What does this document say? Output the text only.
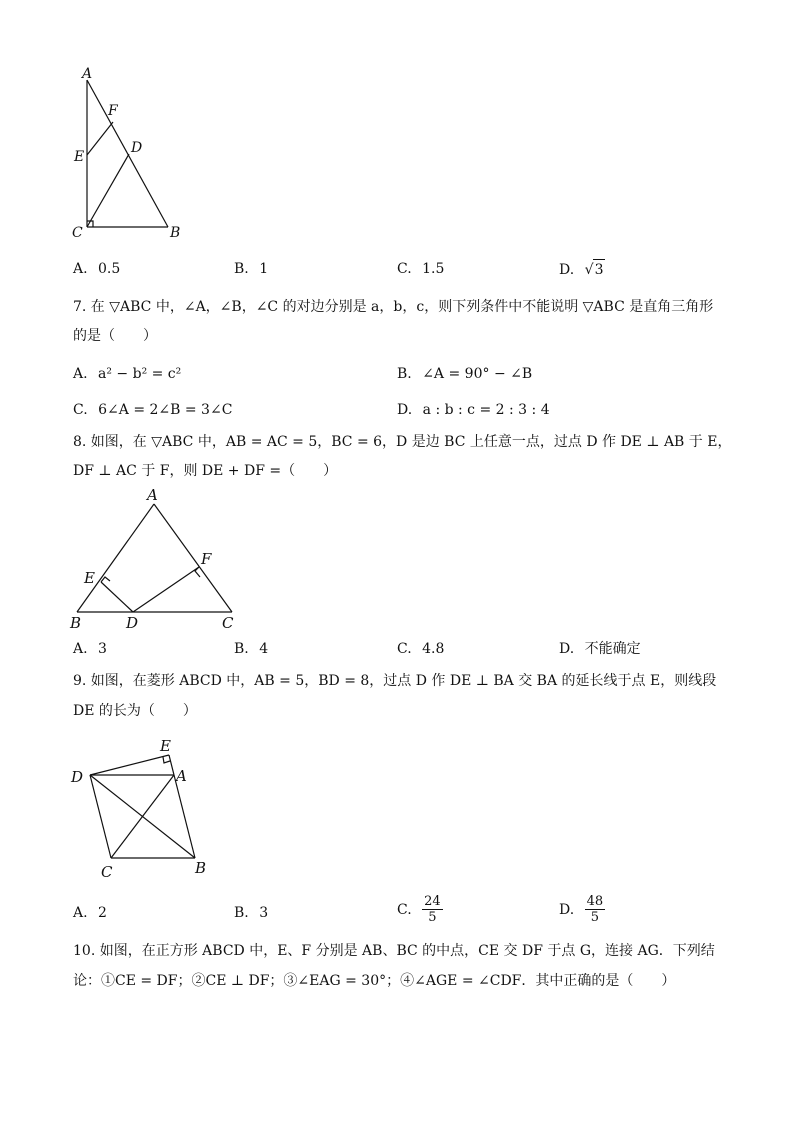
A
F
E
D
C	B
A. 0.5	B. 1	C. 1.5	D. √3
7. 在 ▽ABC 中，∠A，∠B，∠C 的对边分别是 a，b，c，则下列条件中不能说明 ▽ABC 是直角三角形
的是（　　）
A. a² − b² = c²	B. ∠A = 90° − ∠B
C. 6∠A = 2∠B = 3∠C	D. a : b : c = 2 : 3 : 4
8. 如图，在 ▽ABC 中，AB = AC = 5，BC = 6，D 是边 BC 上任意一点，过点 D 作 DE ⊥ AB 于 E，
DF ⊥ AC 于 F，则 DE + DF =（　　）
A
E
F
B	D	C
A. 3	B. 4	C. 4.8	D. 不能确定
9. 如图，在菱形 ABCD 中，AB = 5，BD = 8，过点 D 作 DE ⊥ BA 交 BA 的延长线于点 E，则线段
DE 的长为（　　）
E
D	A
C	B
A. 2	B. 3	C. $\frac{24}{5}$	D. $\frac{48}{5}$
10. 如图，在正方形 ABCD 中，E、F 分别是 AB、BC 的中点，CE 交 DF 于点 G，连接 AG．下列结
论：①CE = DF；②CE ⊥ DF；③∠EAG = 30°；④∠AGE = ∠CDF．其中正确的是（　　）
